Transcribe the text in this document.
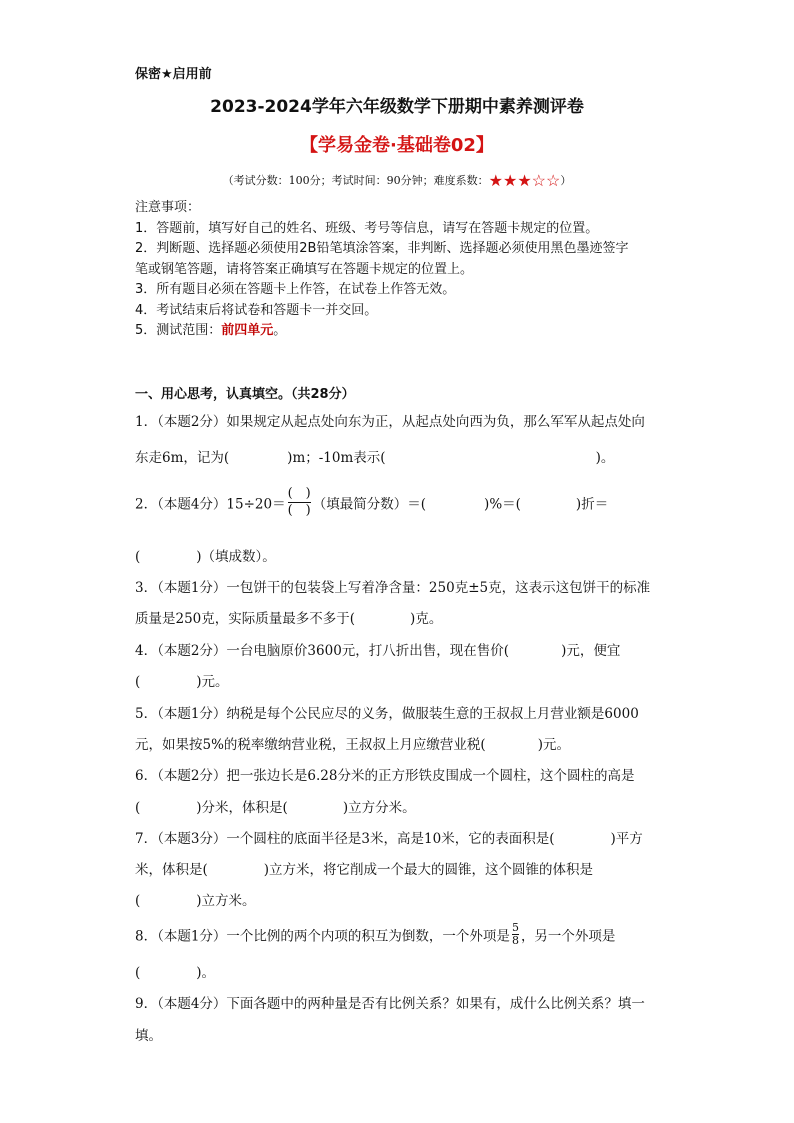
保密★启用前
2023-2024学年六年级数学下册期中素养测评卷
【学易金卷·基础卷02】
（考试分数：100分；考试时间：90分钟；难度系数：★★★☆☆）
注意事项：
1．答题前，填写好自己的姓名、班级、考号等信息，请写在答题卡规定的位置。
2．判断题、选择题必须使用2B铅笔填涂答案，非判断、选择题必须使用黑色墨迹签字
笔或钢笔答题，请将答案正确填写在答题卡规定的位置上。
3．所有题目必须在答题卡上作答，在试卷上作答无效。
4．考试结束后将试卷和答题卡一并交回。
5．测试范围：前四单元。
一、用心思考，认真填空。（共28分）
1．（本题2分）如果规定从起点处向东为正，从起点处向西为负，那么军军从起点处向
东走6m，记为(	)m；-10m表示(	)。
2．（本题4分）$15\div 20= \frac{( )}{( )}$ （填最简分数）＝(	)%＝(	)折＝
(	)（填成数）。
3．（本题1分）一包饼干的包装袋上写着净含量：250克±5克，这表示这包饼干的标准
质量是250克，实际质量最多不多于(	)克。
4．（本题2分）一台电脑原价3600元，打八折出售，现在售价(	)元，便宜
(	)元。
5．（本题1分）纳税是每个公民应尽的义务，做服装生意的王叔叔上月营业额是6000
元，如果按5%的税率缴纳营业税，王叔叔上月应缴营业税(	)元。
6．（本题2分）把一张边长是6.28分米的正方形铁皮围成一个圆柱，这个圆柱的高是
(	)分米，体积是(	)立方分米。
7．（本题3分）一个圆柱的底面半径是3米，高是10米，它的表面积是(	)平方
米，体积是(	)立方米，将它削成一个最大的圆锥，这个圆锥的体积是
(	)立方米。
8．（本题1分）一个比例的两个内项的积互为倒数，一个外项是 $\frac{5}{8}$ ，另一个外项是
(	)。
9．（本题4分）下面各题中的两种量是否有比例关系？如果有，成什么比例关系？填一
填。
